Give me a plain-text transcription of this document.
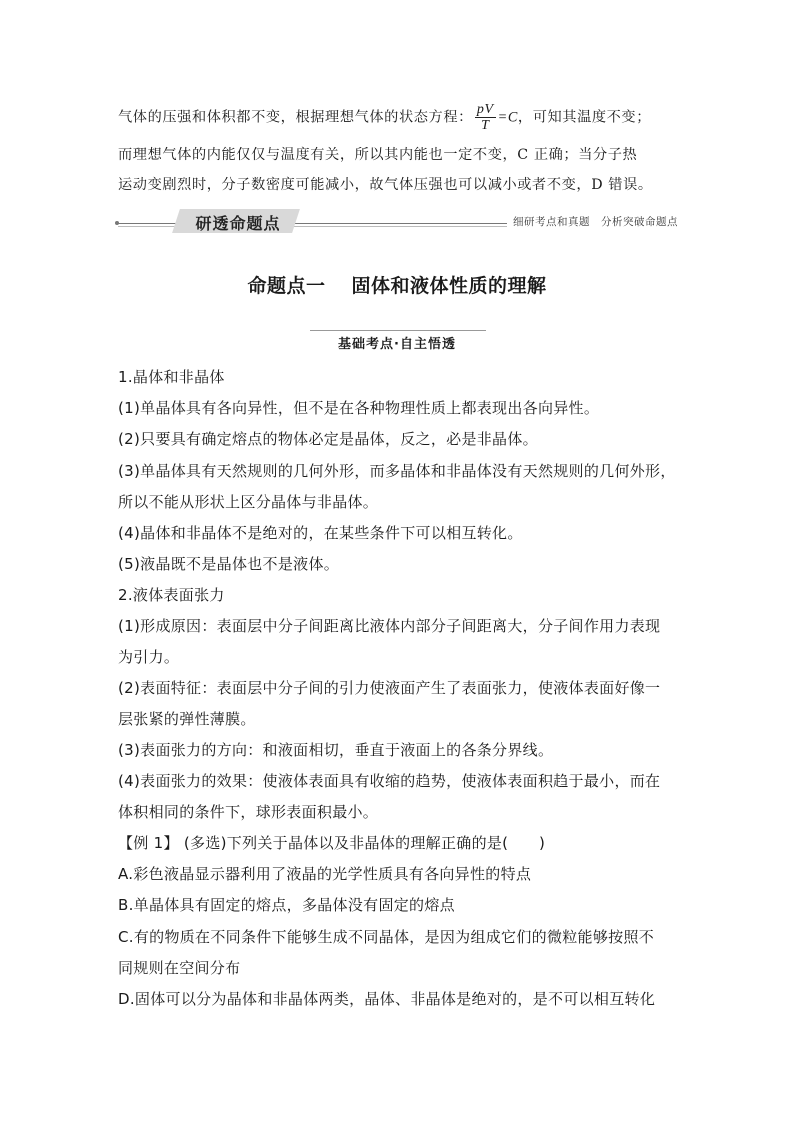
气体的压强和体积都不变，根据理想气体的状态方程： $\frac{pV}{T} =C$，可知其温度不变；
而理想气体的内能仅仅与温度有关，所以其内能也一定不变，C 正确；当分子热
运动变剧烈时，分子数密度可能减小，故气体压强也可以减小或者不变，D 错误。
研透命题点	细研考点和真题　分析突破命题点
命题点一 固体和液体性质的理解
基础考点·自主悟透
1.晶体和非晶体
(1)单晶体具有各向异性，但不是在各种物理性质上都表现出各向异性。
(2)只要具有确定熔点的物体必定是晶体，反之，必是非晶体。
(3)单晶体具有天然规则的几何外形，而多晶体和非晶体没有天然规则的几何外形，
所以不能从形状上区分晶体与非晶体。
(4)晶体和非晶体不是绝对的，在某些条件下可以相互转化。
(5)液晶既不是晶体也不是液体。
2.液体表面张力
(1)形成原因：表面层中分子间距离比液体内部分子间距离大，分子间作用力表现
为引力。
(2)表面特征：表面层中分子间的引力使液面产生了表面张力，使液体表面好像一
层张紧的弹性薄膜。
(3)表面张力的方向：和液面相切，垂直于液面上的各条分界线。
(4)表面张力的效果：使液体表面具有收缩的趋势，使液体表面积趋于最小，而在
体积相同的条件下，球形表面积最小。
【例 1】 (多选)下列关于晶体以及非晶体的理解正确的是(　　)
A.彩色液晶显示器利用了液晶的光学性质具有各向异性的特点
B.单晶体具有固定的熔点，多晶体没有固定的熔点
C.有的物质在不同条件下能够生成不同晶体，是因为组成它们的微粒能够按照不
同规则在空间分布
D.固体可以分为晶体和非晶体两类，晶体、非晶体是绝对的，是不可以相互转化
